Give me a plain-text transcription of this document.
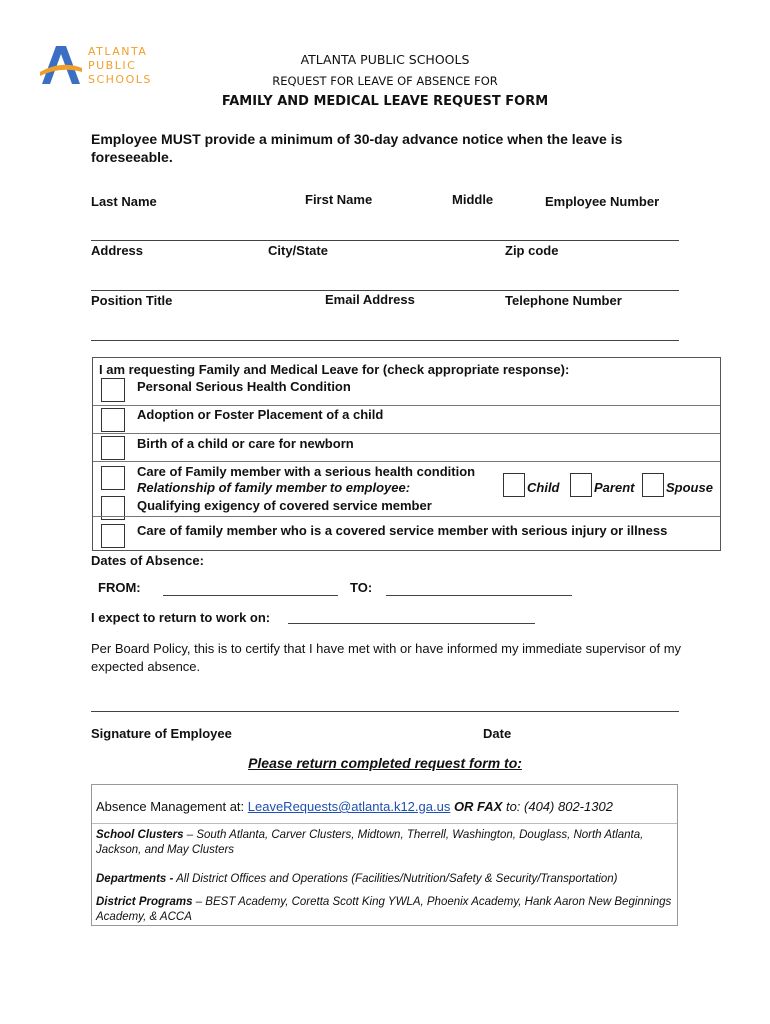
ATLANTA
PUBLIC
SCHOOLS
ATLANTA PUBLIC SCHOOLS
REQUEST FOR LEAVE OF ABSENCE FOR
FAMILY AND MEDICAL LEAVE REQUEST FORM
Employee MUST provide a minimum of 30-day advance notice when the leave is foreseeable.
Last Name	First Name	Middle	Employee Number
Address	City/State	Zip code
Position Title	Email Address	Telephone Number
I am requesting Family and Medical Leave for (check appropriate response):
Personal Serious Health Condition
Adoption or Foster Placement of a child
Birth of a child or care for newborn
Care of Family member with a serious health condition
Relationship of family member to employee:	Child	Parent Spouse
Qualifying exigency of covered service member
Care of family member who is a covered service member with serious injury or illness
Dates of Absence:
FROM:	TO:
I expect to return to work on:
Per Board Policy, this is to certify that I have met with or have informed my immediate supervisor of my expected absence.
Signature of Employee	Date
Please return completed request form to:
Absence Management at: LeaveRequests@atlanta.k12.ga.us OR FAX to: (404) 802-1302
School Clusters – South Atlanta, Carver Clusters, Midtown, Therrell, Washington, Douglass, North Atlanta, Jackson, and May Clusters
Departments - All District Offices and Operations (Facilities/Nutrition/Safety & Security/Transportation)
District Programs – BEST Academy, Coretta Scott King YWLA, Phoenix Academy, Hank Aaron New Beginnings Academy, & ACCA
